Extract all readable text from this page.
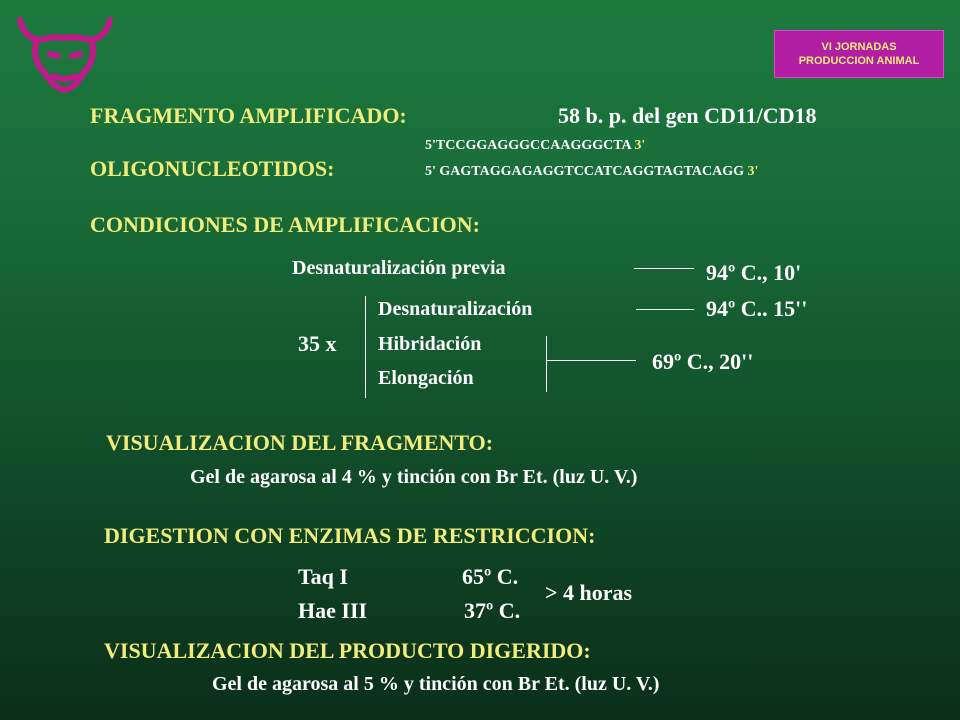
VI JORNADAS
PRODUCCION ANIMAL
FRAGMENTO AMPLIFICADO:	58 b. p. del gen CD11/CD18
OLIGONUCLEOTIDOS:
5'TCCGGAGGGCCAAGGGCTA 3'
5' GAGTAGGAGAGGTCCATCAGGTAGTACAGG 3'
CONDICIONES DE AMPLIFICACION:
Desnaturalización previa	94º C., 10'
35 x
Desnaturalización	94º C.. 15''
Hibridación
Elongación
69º C., 20''
VISUALIZACION DEL FRAGMENTO:
Gel de agarosa al 4 % y tinción con Br Et. (luz U. V.)
DIGESTION CON ENZIMAS DE RESTRICCION:
Taq I	65º C.
Hae III	37º C.
> 4 horas
VISUALIZACION DEL PRODUCTO DIGERIDO:
Gel de agarosa al 5 % y tinción con Br Et. (luz U. V.)
